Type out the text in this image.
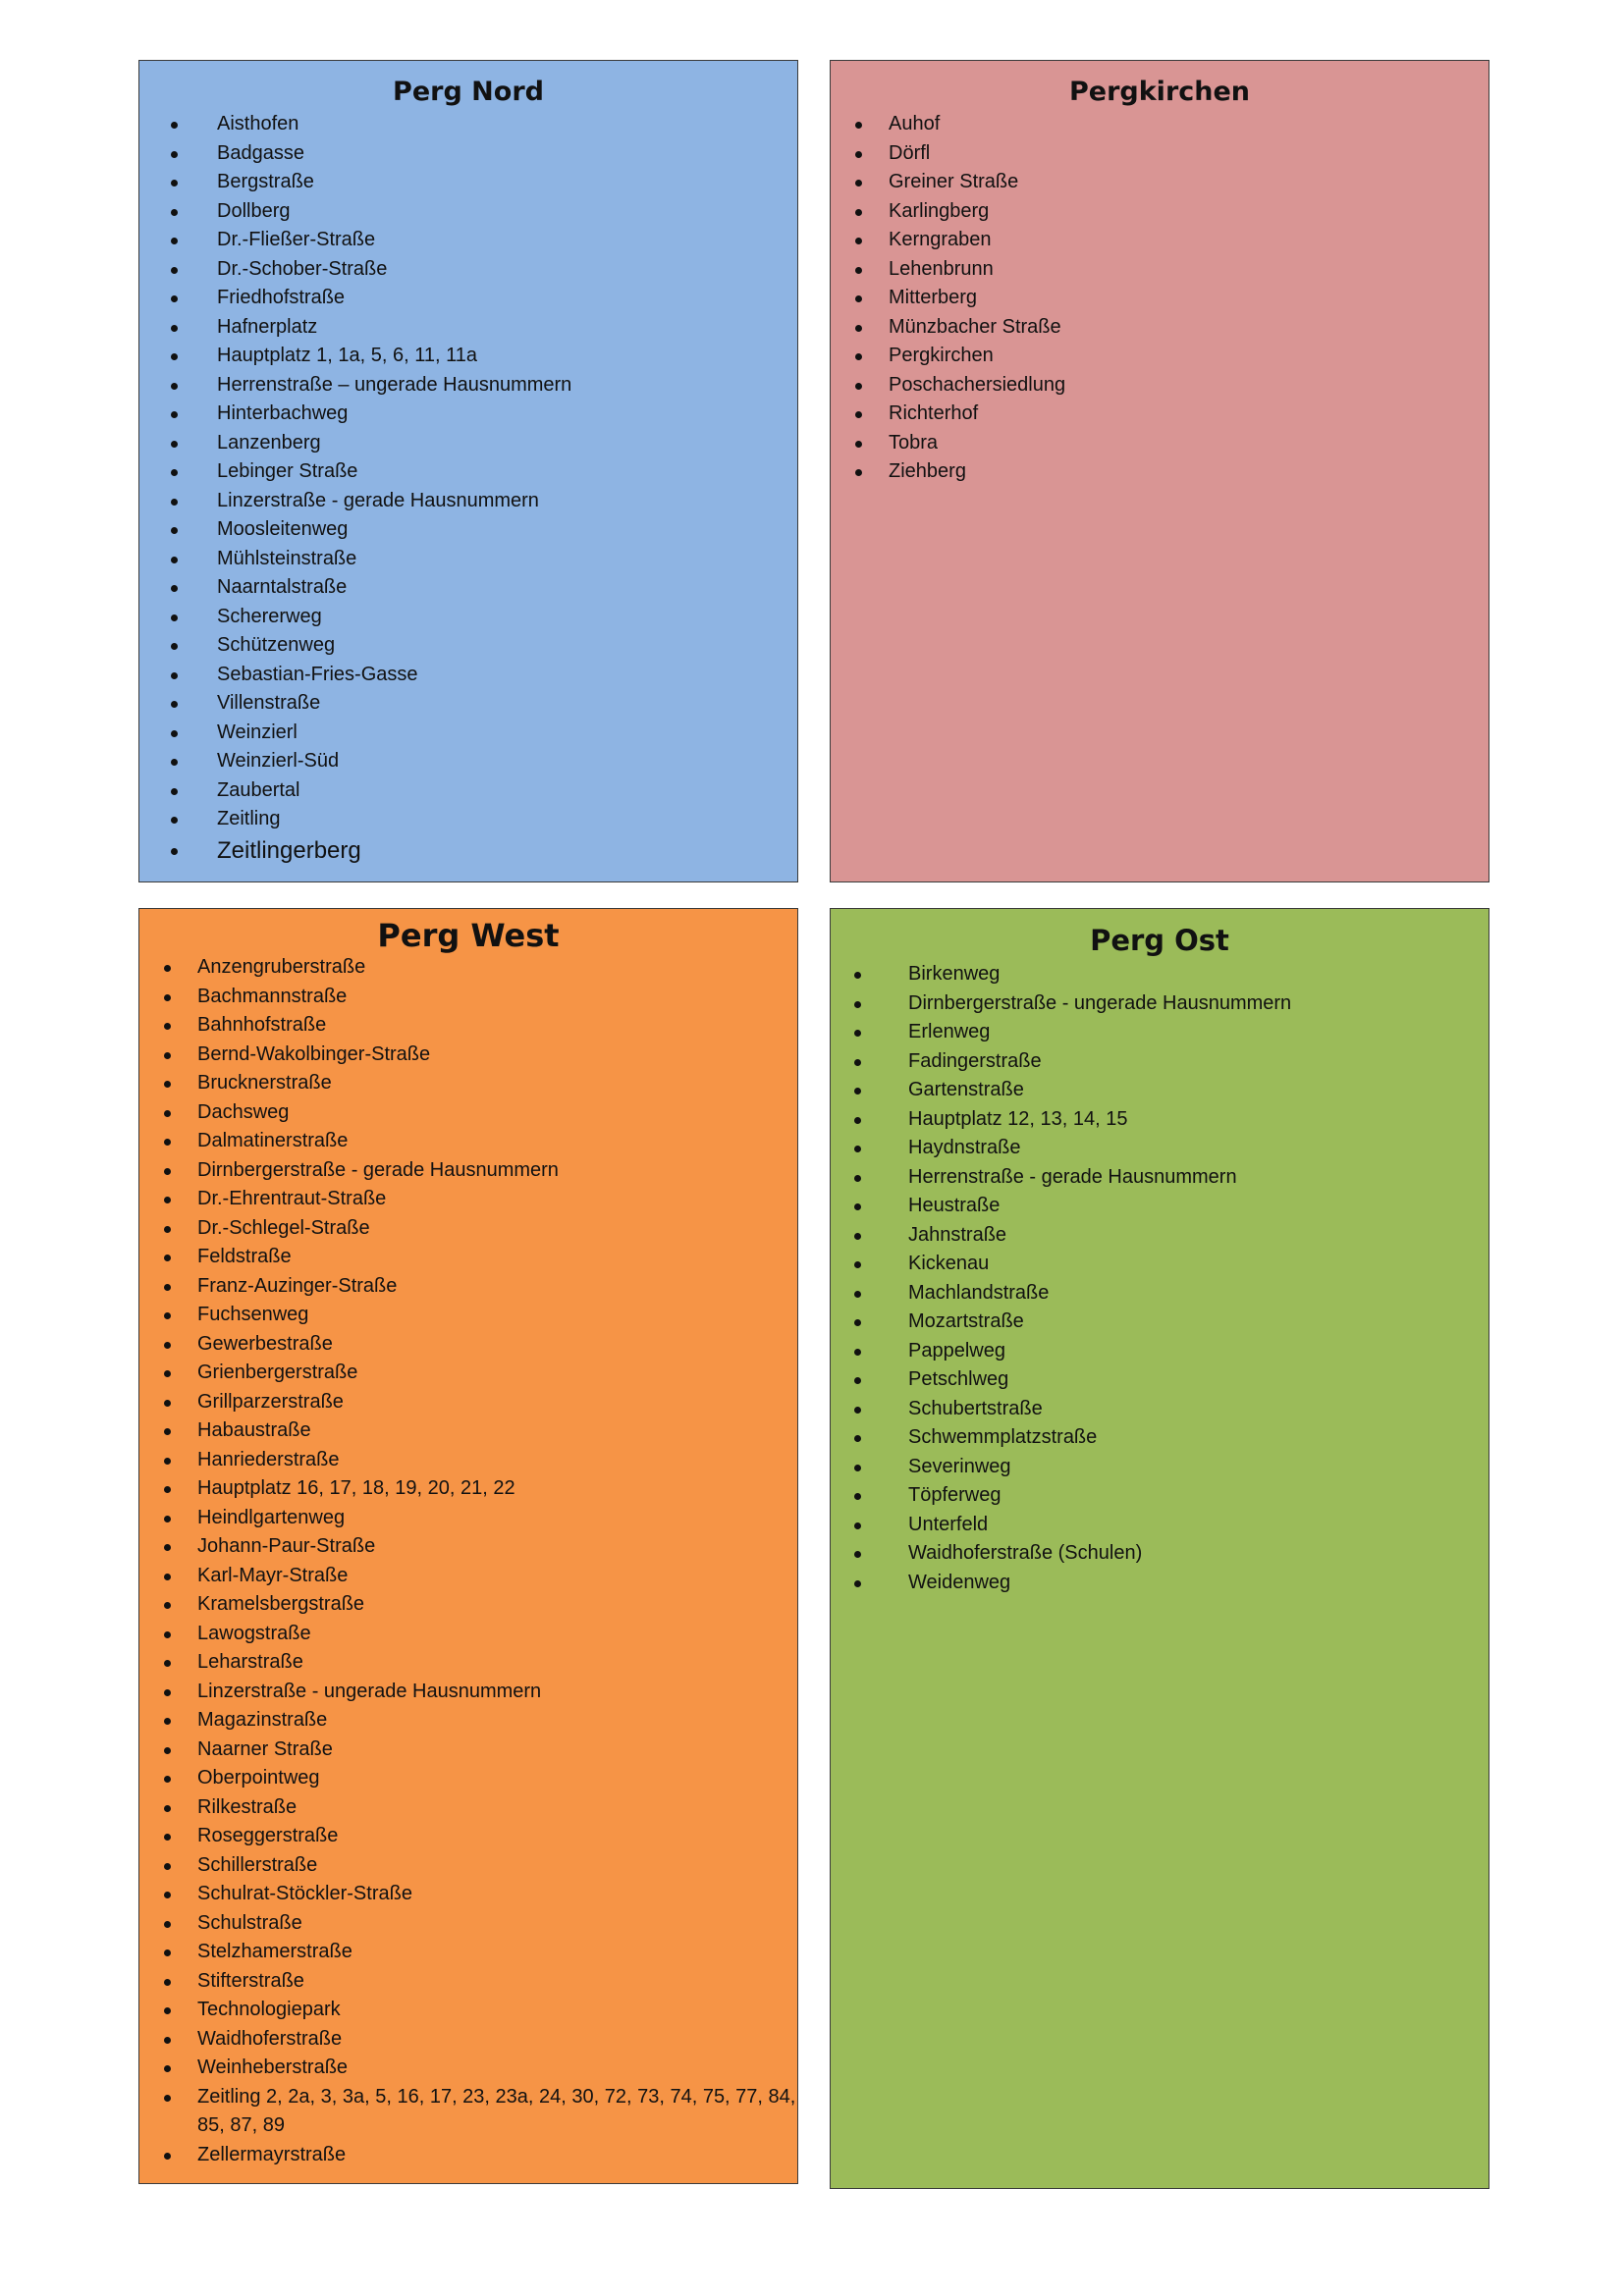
Perg Nord
Aisthofen
Badgasse
Bergstraße
Dollberg
Dr.-Fließer-Straße
Dr.-Schober-Straße
Friedhofstraße
Hafnerplatz
Hauptplatz 1, 1a, 5, 6, 11, 11a
Herrenstraße – ungerade Hausnummern
Hinterbachweg
Lanzenberg
Lebinger Straße
Linzerstraße - gerade Hausnummern
Moosleitenweg
Mühlsteinstraße
Naarntalstraße
Schererweg
Schützenweg
Sebastian-Fries-Gasse
Villenstraße
Weinzierl
Weinzierl-Süd
Zaubertal
Zeitling
Zeitlingerberg
Pergkirchen
Auhof
Dörfl
Greiner Straße
Karlingberg
Kerngraben
Lehenbrunn
Mitterberg
Münzbacher Straße
Pergkirchen
Poschachersiedlung
Richterhof
Tobra
Ziehberg
Perg West
Anzengruberstraße
Bachmannstraße
Bahnhofstraße
Bernd-Wakolbinger-Straße
Brucknerstraße
Dachsweg
Dalmatinerstraße
Dirnbergerstraße - gerade Hausnummern
Dr.-Ehrentraut-Straße
Dr.-Schlegel-Straße
Feldstraße
Franz-Auzinger-Straße
Fuchsenweg
Gewerbestraße
Grienbergerstraße
Grillparzerstraße
Habaustraße
Hanriederstraße
Hauptplatz 16, 17, 18, 19, 20, 21, 22
Heindlgartenweg
Johann-Paur-Straße
Karl-Mayr-Straße
Kramelsbergstraße
Lawogstraße
Leharstraße
Linzerstraße - ungerade Hausnummern
Magazinstraße
Naarner Straße
Oberpointweg
Rilkestraße
Roseggerstraße
Schillerstraße
Schulrat-Stöckler-Straße
Schulstraße
Stelzhamerstraße
Stifterstraße
Technologiepark
Waidhoferstraße
Weinheberstraße
Zeitling 2, 2a, 3, 3a, 5, 16, 17, 23, 23a, 24, 30, 72, 73, 74, 75, 77, 84, 85, 87, 89
Zellermayrstraße
Perg Ost
Birkenweg
Dirnbergerstraße - ungerade Hausnummern
Erlenweg
Fadingerstraße
Gartenstraße
Hauptplatz 12, 13, 14, 15
Haydnstraße
Herrenstraße - gerade Hausnummern
Heustraße
Jahnstraße
Kickenau
Machlandstraße
Mozartstraße
Pappelweg
Petschlweg
Schubertstraße
Schwemmplatzstraße
Severinweg
Töpferweg
Unterfeld
Waidhoferstraße (Schulen)
Weidenweg
